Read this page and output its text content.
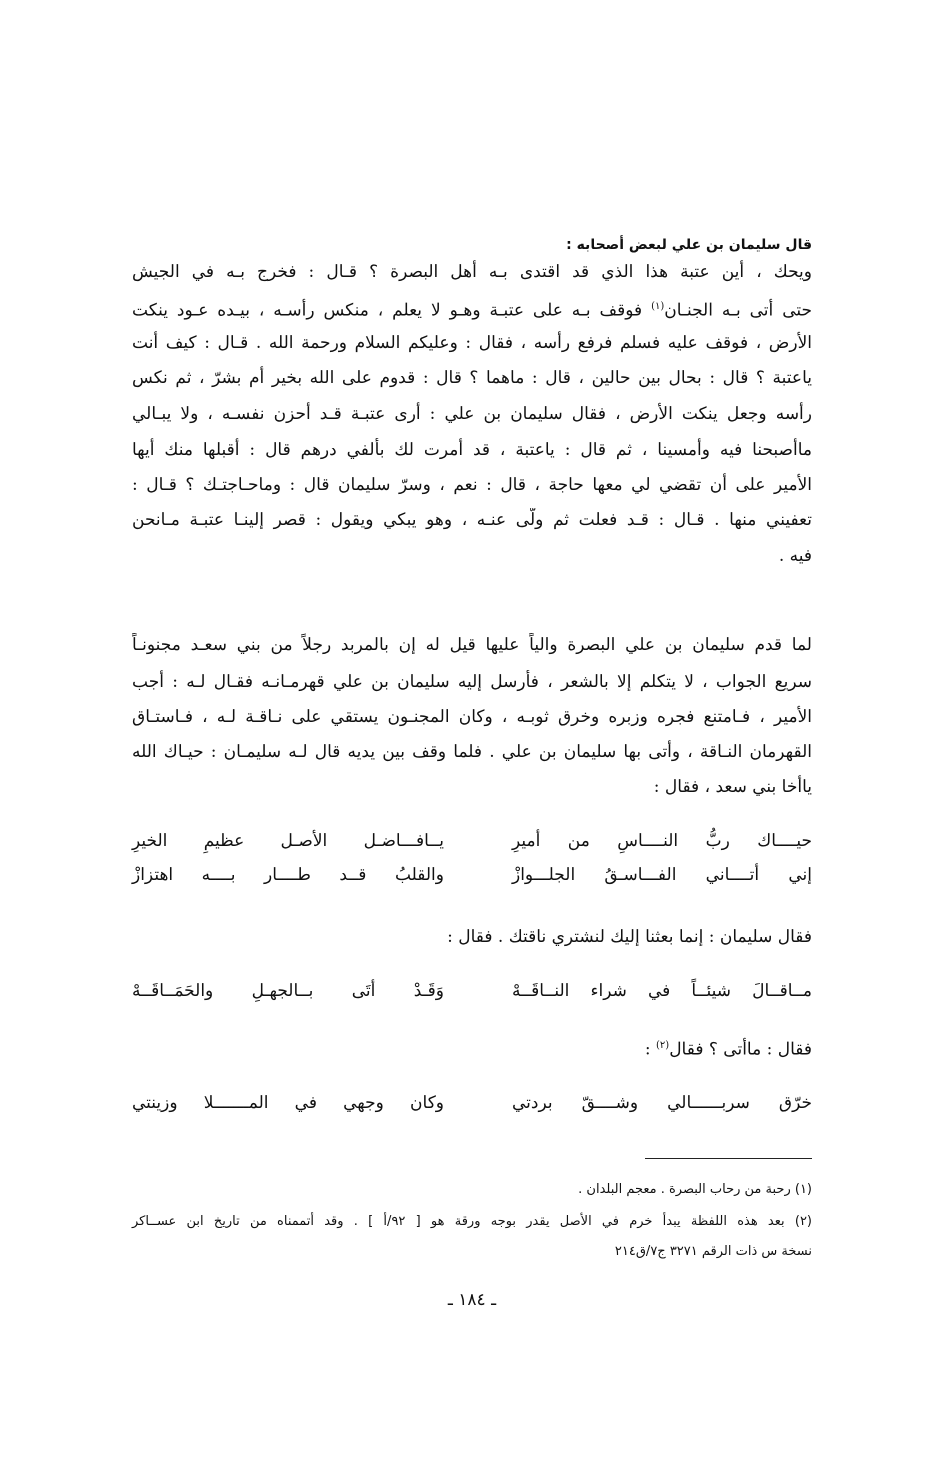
قال سليمان بن علي لبعض أصحابه :
ويحك ، أين عتبة هذا الذي قد اقتدى بـه أهل البصرة ؟ قـال : فخرج بـه في الجيش
حتى أتى بـه الجنـان$^{(١)}$ فوقف بـه على عتبـة وهـو لا يعلم ، منكس رأسـه ، بيـده عـود ينكت
الأرض ، فوقف عليه فسلم فرفع رأسه ، فقال : وعليكم السلام ورحمة الله . قـال : كيف أنت
ياعتبة ؟ قال : بحال بين حالين ، قال : ماهما ؟ قال : قدوم على الله بخير أم بشرّ ، ثم نكس
رأسه وجعل ينكت الأرض ، فقال سليمان بن علي : أرى عتبـة قـد أحزن نفسـه ، ولا يبـالي
ماأصبحنا فيه وأمسينا ، ثم قال : ياعتبة ، قد أمرت لك بألفي درهم قال : أقبلها منك أيها
الأمير على أن تقضي لي معها حاجة ، قال : نعم ، وسرّ سليمان قال : وماحـاجتـك ؟ قـال :
تعفيني منها . قـال : قـد فعلت ثم ولّى عنـه ، وهو يبكي ويقول : قصر إلينـا عتبـة مـانحن
فيه .
لما قدم سليمان بن علي البصرة والياً عليها قيل له إن بالمربد رجلاً من بني سعـد مجنونـاً
سريع الجواب ، لا يتكلم إلا بالشعر ، فأرسل إليه سليمان بن علي قهرمـانـه فقـال لـه : أجب
الأمير ، فـامتنع فجره وزبره وخرق ثوبـه ، وكان المجنـون يستقي على نـاقـة لـه ، فـاستـاق
القهرمان النـاقة ، وأتى بها سليمان بن علي . فلما وقف بين يديه قال لـه سليمـان : حيـاك الله
ياأخا بني سعد ، فقال :
حيــــاك ربُّ النــــاسِ من أميرِ
يــافـــاضـل الأصـل عظيمِ الخيرِ
إني أتــــاني الفـــاسـقُ الجلـــوازْ
والقلبُ قــد طــــار بــــه اهتزازْ
فقال سليمان : إنما بعثنا إليك لنشتري ناقتك . فقال :
مــاقــالَ شيئــاً في شراء النــاقَــهْ
وَقَـدْ أتَى بــالجهـلِ والحَمَــاقَــهْ
فقال : ماأتى ؟ فقال$^{(٢)}$ :
خرّق سربــــــالي وشــــقّ بردتي
وكان وجهي في المـــــــلا وزينتي
(١) رحبة من رحاب البصرة . معجم البلدان .
(٢) بعد هذه اللفظة يبدأ خرم في الأصل يقدر بوجه ورقة هو [ ٩٢/أ ] . وقد أتممناه من تاريخ ابن عســاكر
نسخة س ذات الرقم ٣٢٧١ ج٧/ق٢١٤
ـ ١٨٤ ـ
